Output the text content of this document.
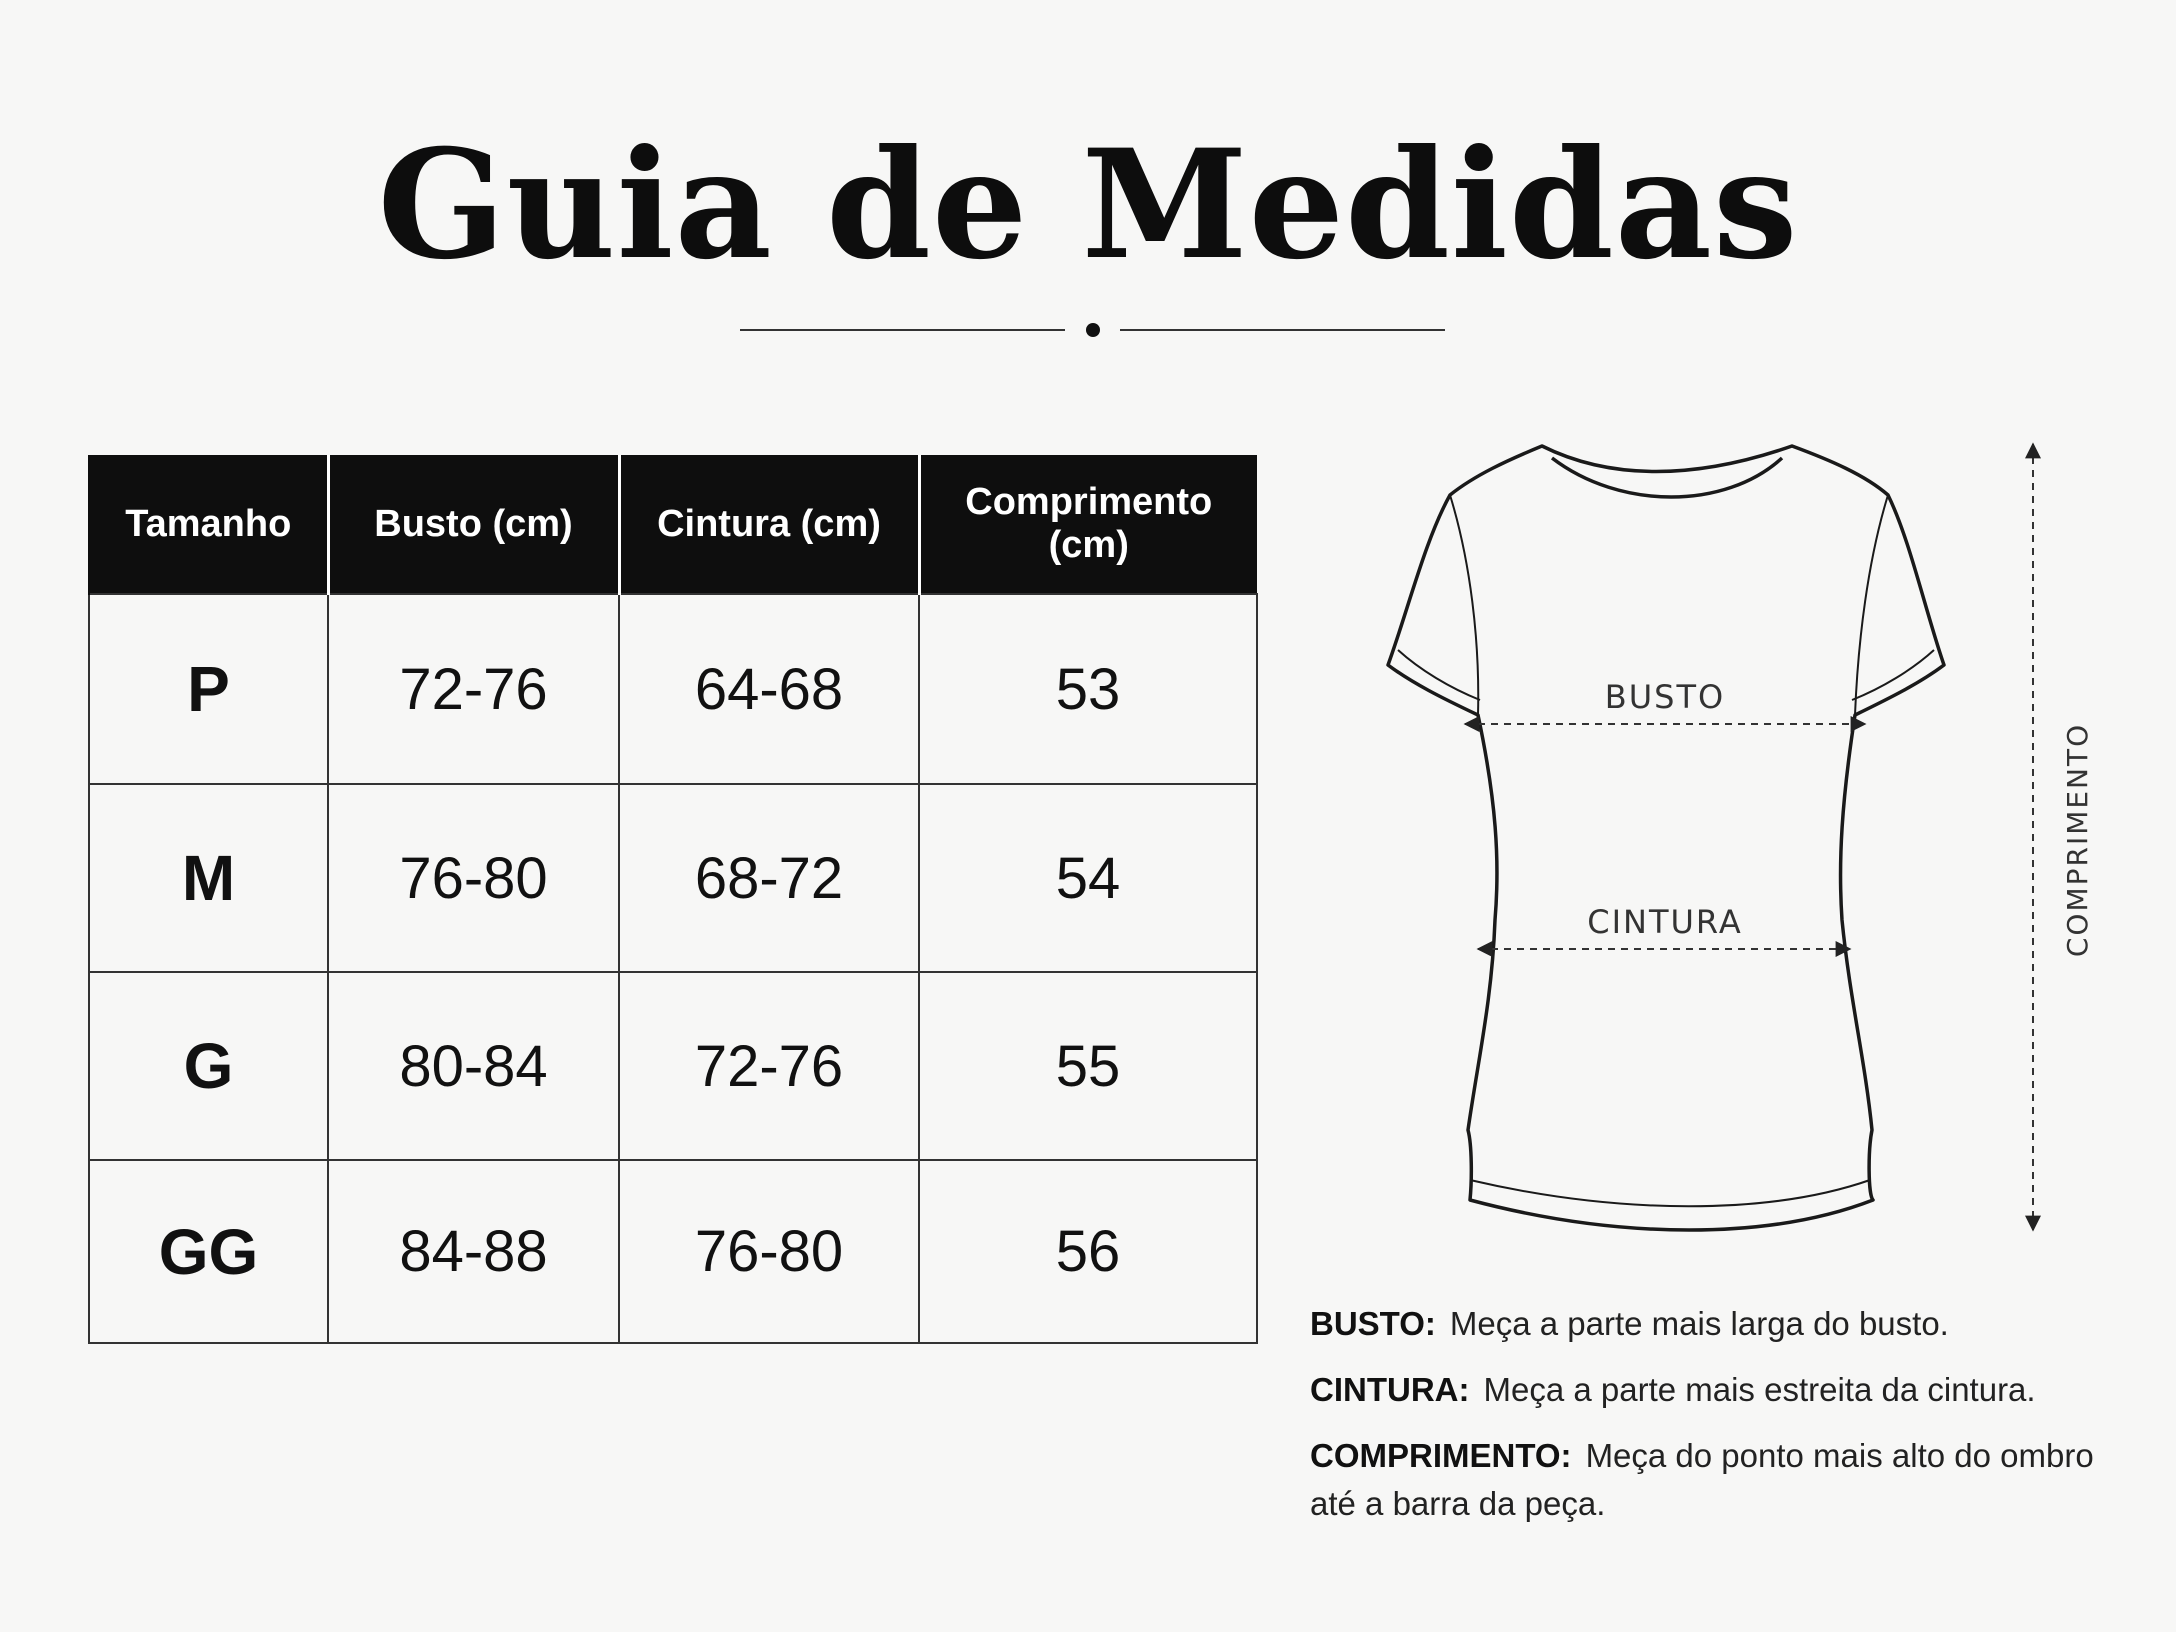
Guia de Medidas
Tamanho	Busto (cm)	Cintura (cm)	Comprimento (cm)
P	72-76	64-68	53
M	76-80	68-72	54
G	80-84	72-76	55
GG	84-88	76-80	56
BUSTO
CINTURA	COMPRIMENTO

BUSTO: Meça a parte mais larga do busto.

CINTURA: Meça a parte mais estreita da cintura.

COMPRIMENTO: Meça do ponto mais alto do ombro até a barra da peça.
